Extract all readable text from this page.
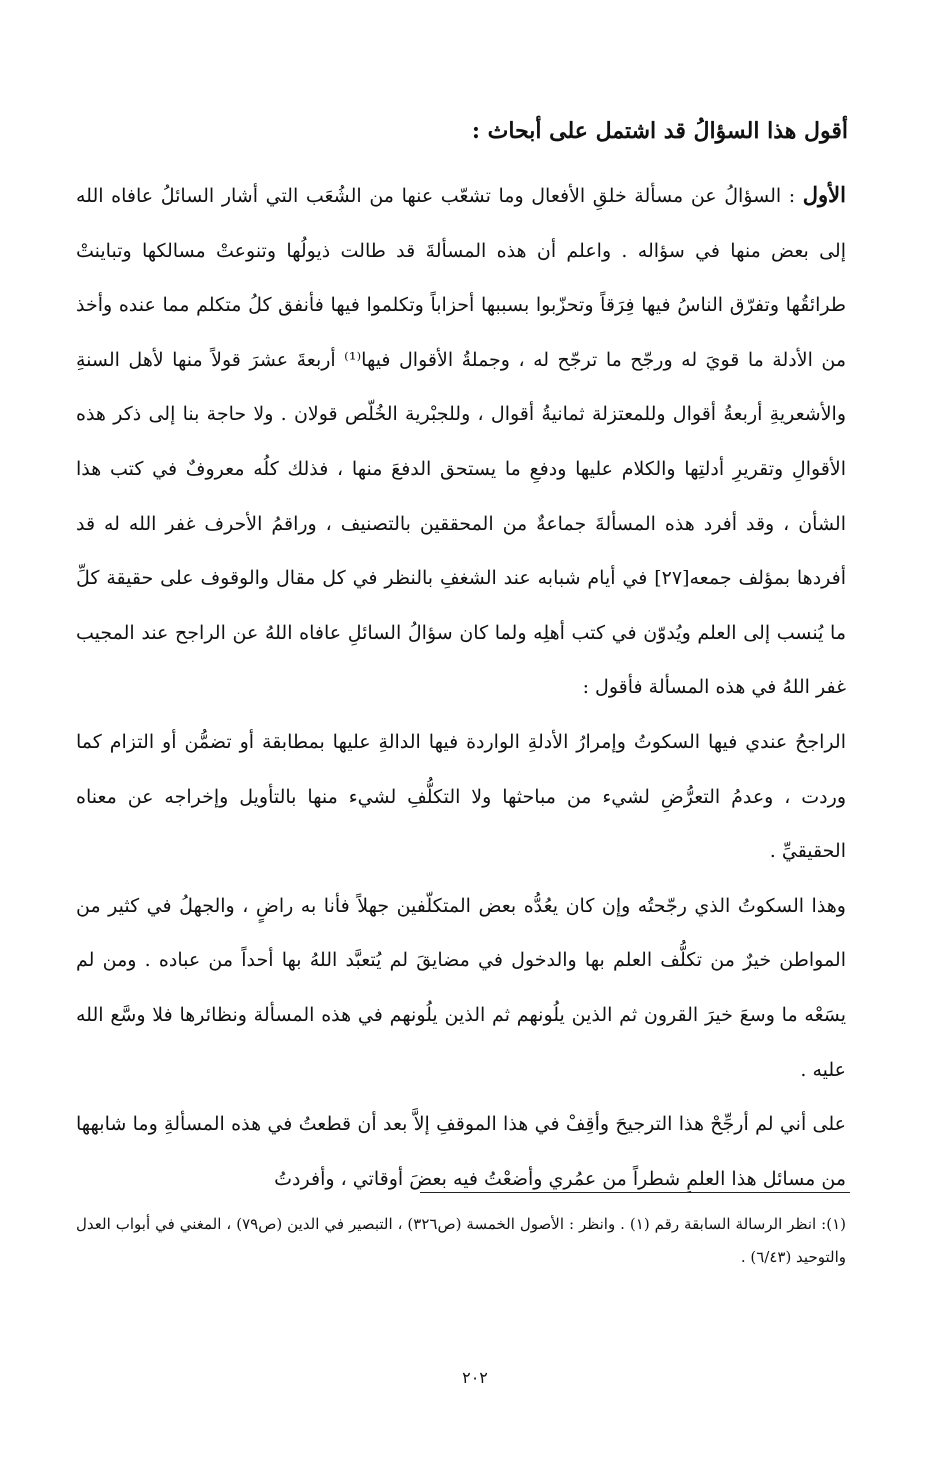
أقول هذا السؤالُ قد اشتمل على أبحاث :

الأول : السؤالُ عن مسألة خلقِ الأفعال وما تشعّب عنها من الشُعَب التي أشار السائلُ عافاه الله إلى بعض منها في سؤاله . واعلم أن هذه المسألةَ قد طالت ذيولُها وتنوعتْ مسالكها وتباينتْ طرائقُها وتفرّق الناسُ فيها فِرَقاً وتحزّبوا بسببها أحزاباً وتكلموا فيها فأنفق كلُ متكلم مما عنده وأخذ من الأدلة ما قويَ له ورجّح ما ترجّح له ، وجملةُ الأقوال فيها⁽¹⁾ أربعةَ عشرَ قولاً منها لأهل السنةِ والأشعريةِ أربعةُ أقوال وللمعتزلة ثمانيةُ أقوال ، وللجبْرية الخُلّص قولان . ولا حاجة بنا إلى ذكر هذه الأقوالِ وتقريرِ أدلتِها والكلام عليها ودفعِ ما يستحق الدفعَ منها ، فذلك كلُه معروفٌ في كتب هذا الشأن ، وقد أفرد هذه المسألةَ جماعةٌ من المحققين بالتصنيف ، وراقمُ الأحرف غفر الله له قد أفردها بمؤلف جمعه[٢٧] في أيام شبابه عند الشغفِ بالنظر في كل مقال والوقوف على حقيقة كلِّ ما يُنسب إلى العلم ويُدوّن في كتب أهلِه ولما كان سؤالُ السائلِ عافاه اللهُ عن الراجح عند المجيب غفر اللهُ في هذه المسألة فأقول :

الراجحُ عندي فيها السكوتُ وإمرارُ الأدلةِ الواردة فيها الدالةِ عليها بمطابقة أو تضمُّن أو التزام كما وردت ، وعدمُ التعرُّضِ لشيء من مباحثها ولا التكلُّفِ لشيء منها بالتأويل وإخراجه عن معناه الحقيقيِّ .

وهذا السكوتُ الذي رجّحتُه وإن كان يعُدُّه بعض المتكلّفين جهلاً فأنا به راضٍ ، والجهلُ في كثير من المواطن خيرٌ من تكلُّف العلم بها والدخول في مضايقَ لم يُتعبَّد اللهُ بها أحداً من عباده . ومن لم يسَعْه ما وسعَ خيرَ القرون ثم الذين يلُونهم ثم الذين يلُونهم في هذه المسألة ونظائرها فلا وسَّع الله عليه .

على أني لم أرجِّحْ هذا الترجيحَ وأقِفْ في هذا الموقفِ إلاَّ بعد أن قطعتُ في هذه المسألةِ وما شابهها من مسائل هذا العلمِ شطراً من عمُري وأضعْتُ فيه بعضَ أوقاتي ، وأفردتُ

(١): انظر الرسالة السابقة رقم (١) . وانظر : الأصول الخمسة (ص٣٢٦) ، التبصير في الدين (ص٧٩) ، المغني في أبواب العدل والتوحيد (٦/٤٣) .

٢٠٢
